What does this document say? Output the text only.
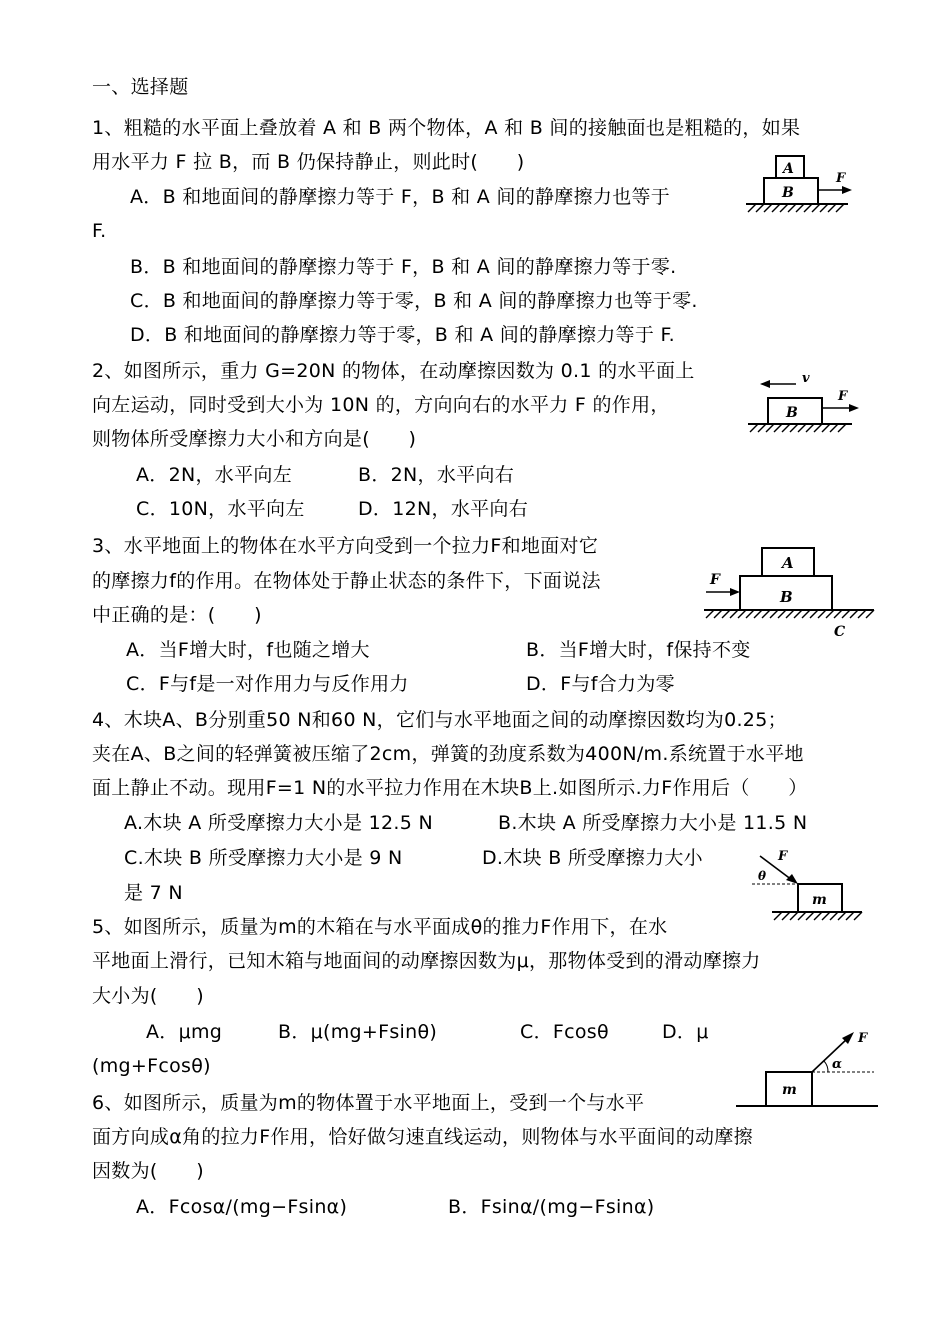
一、选择题
1、粗糙的水平面上叠放着 A 和 B 两个物体，A 和 B 间的接触面也是粗糙的，如果
用水平力 F 拉 B，而 B 仍保持静止，则此时(　　)
A．B 和地面间的静摩擦力等于 F，B 和 A 间的静摩擦力也等于
F.
B．B 和地面间的静摩擦力等于 F，B 和 A 间的静摩擦力等于零.
C．B 和地面间的静摩擦力等于零，B 和 A 间的静摩擦力也等于零.
D．B 和地面间的静摩擦力等于零，B 和 A 间的静摩擦力等于 F.
A
B
F
2、如图所示，重力 G=20N 的物体，在动摩擦因数为 0.1 的水平面上
向左运动，同时受到大小为 10N 的，方向向右的水平力 F 的作用，
则物体所受摩擦力大小和方向是(　　)
A．2N，水平向左	B．2N，水平向右
C．10N，水平向左	D．12N，水平向右
B
v
F
3、水平地面上的物体在水平方向受到一个拉力F和地面对它
的摩擦力f的作用。在物体处于静止状态的条件下，下面说法
中正确的是：(　　)
A．当F增大时，f也随之增大	B．当F增大时，f保持不变
C．F与f是一对作用力与反作用力	D．F与f合力为零
A
B
F
C
4、木块A、B分别重50 N和60 N，它们与水平地面之间的动摩擦因数均为0.25；
夹在A、B之间的轻弹簧被压缩了2cm，弹簧的劲度系数为400N/m.系统置于水平地
面上静止不动。现用F=1 N的水平拉力作用在木块B上.如图所示.力F作用后（　　）
A.木块 A 所受摩擦力大小是 12.5 N	B.木块 A 所受摩擦力大小是 11.5 N
C.木块 B 所受摩擦力大小是 9 N	D.木块 B 所受摩擦力大小
是 7 N
5、如图所示，质量为m的木箱在与水平面成θ的推力F作用下，在水
平地面上滑行，已知木箱与地面间的动摩擦因数为μ，那物体受到的滑动摩擦力
大小为(　　)
A．μmg	B．μ(mg+Fsinθ)	C．Fcosθ	D．μ
(mg+Fcosθ)
m
F
θ
6、如图所示，质量为m的物体置于水平地面上，受到一个与水平
面方向成α角的拉力F作用，恰好做匀速直线运动，则物体与水平面间的动摩擦
因数为(　　)
A．Fcosα/(mg−Fsinα)	B．Fsinα/(mg−Fsinα)
m
F
α
